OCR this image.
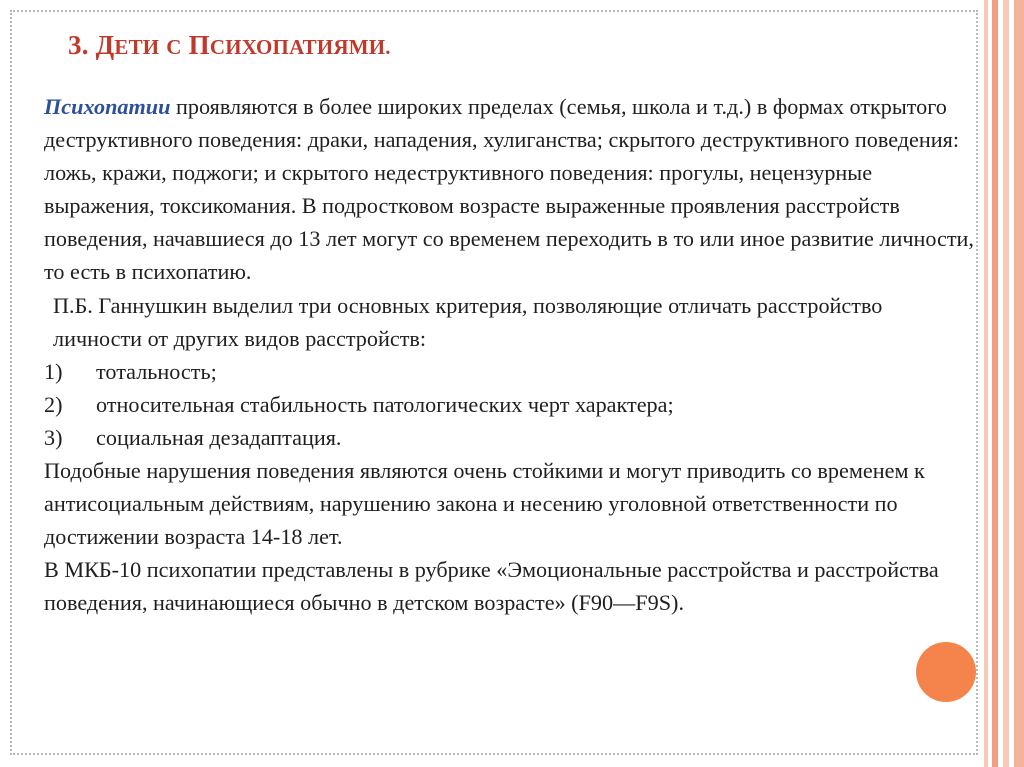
3. ДЕТИ С ПСИХОПАТИЯМИ.

Психопатии проявляются в более широких пределах (семья, школа и т.д.) в формах открытого деструктивного поведения: драки, нападения, хулиганства; скрытого деструктивного поведения: ложь, кражи, поджоги; и скрытого недеструктивного поведения: прогулы, нецензурные выражения, токсикомания. В подростковом возрасте выраженные проявления расстройств поведения, начавшиеся до 13 лет могут со временем переходить в то или иное развитие личности, то есть в психопатию.

П.Б. Ганнушкин выделил три основных критерия, позволяющие отличать расстройство личности от других видов расстройств:

1)	тотальность;
2)	относительная стабильность патологических черт характера;
3)	социальная дезадаптация.

Подобные нарушения поведения являются очень стойкими и могут приводить со временем к антисоциальным действиям, нарушению закона и несению уголовной ответственности по достижении возраста 14-18 лет.

В МКБ-10 психопатии представлены в рубрике «Эмоциональные расстройства и расстройства поведения, начинающиеся обычно в детском возрасте» (F90—F9S).
